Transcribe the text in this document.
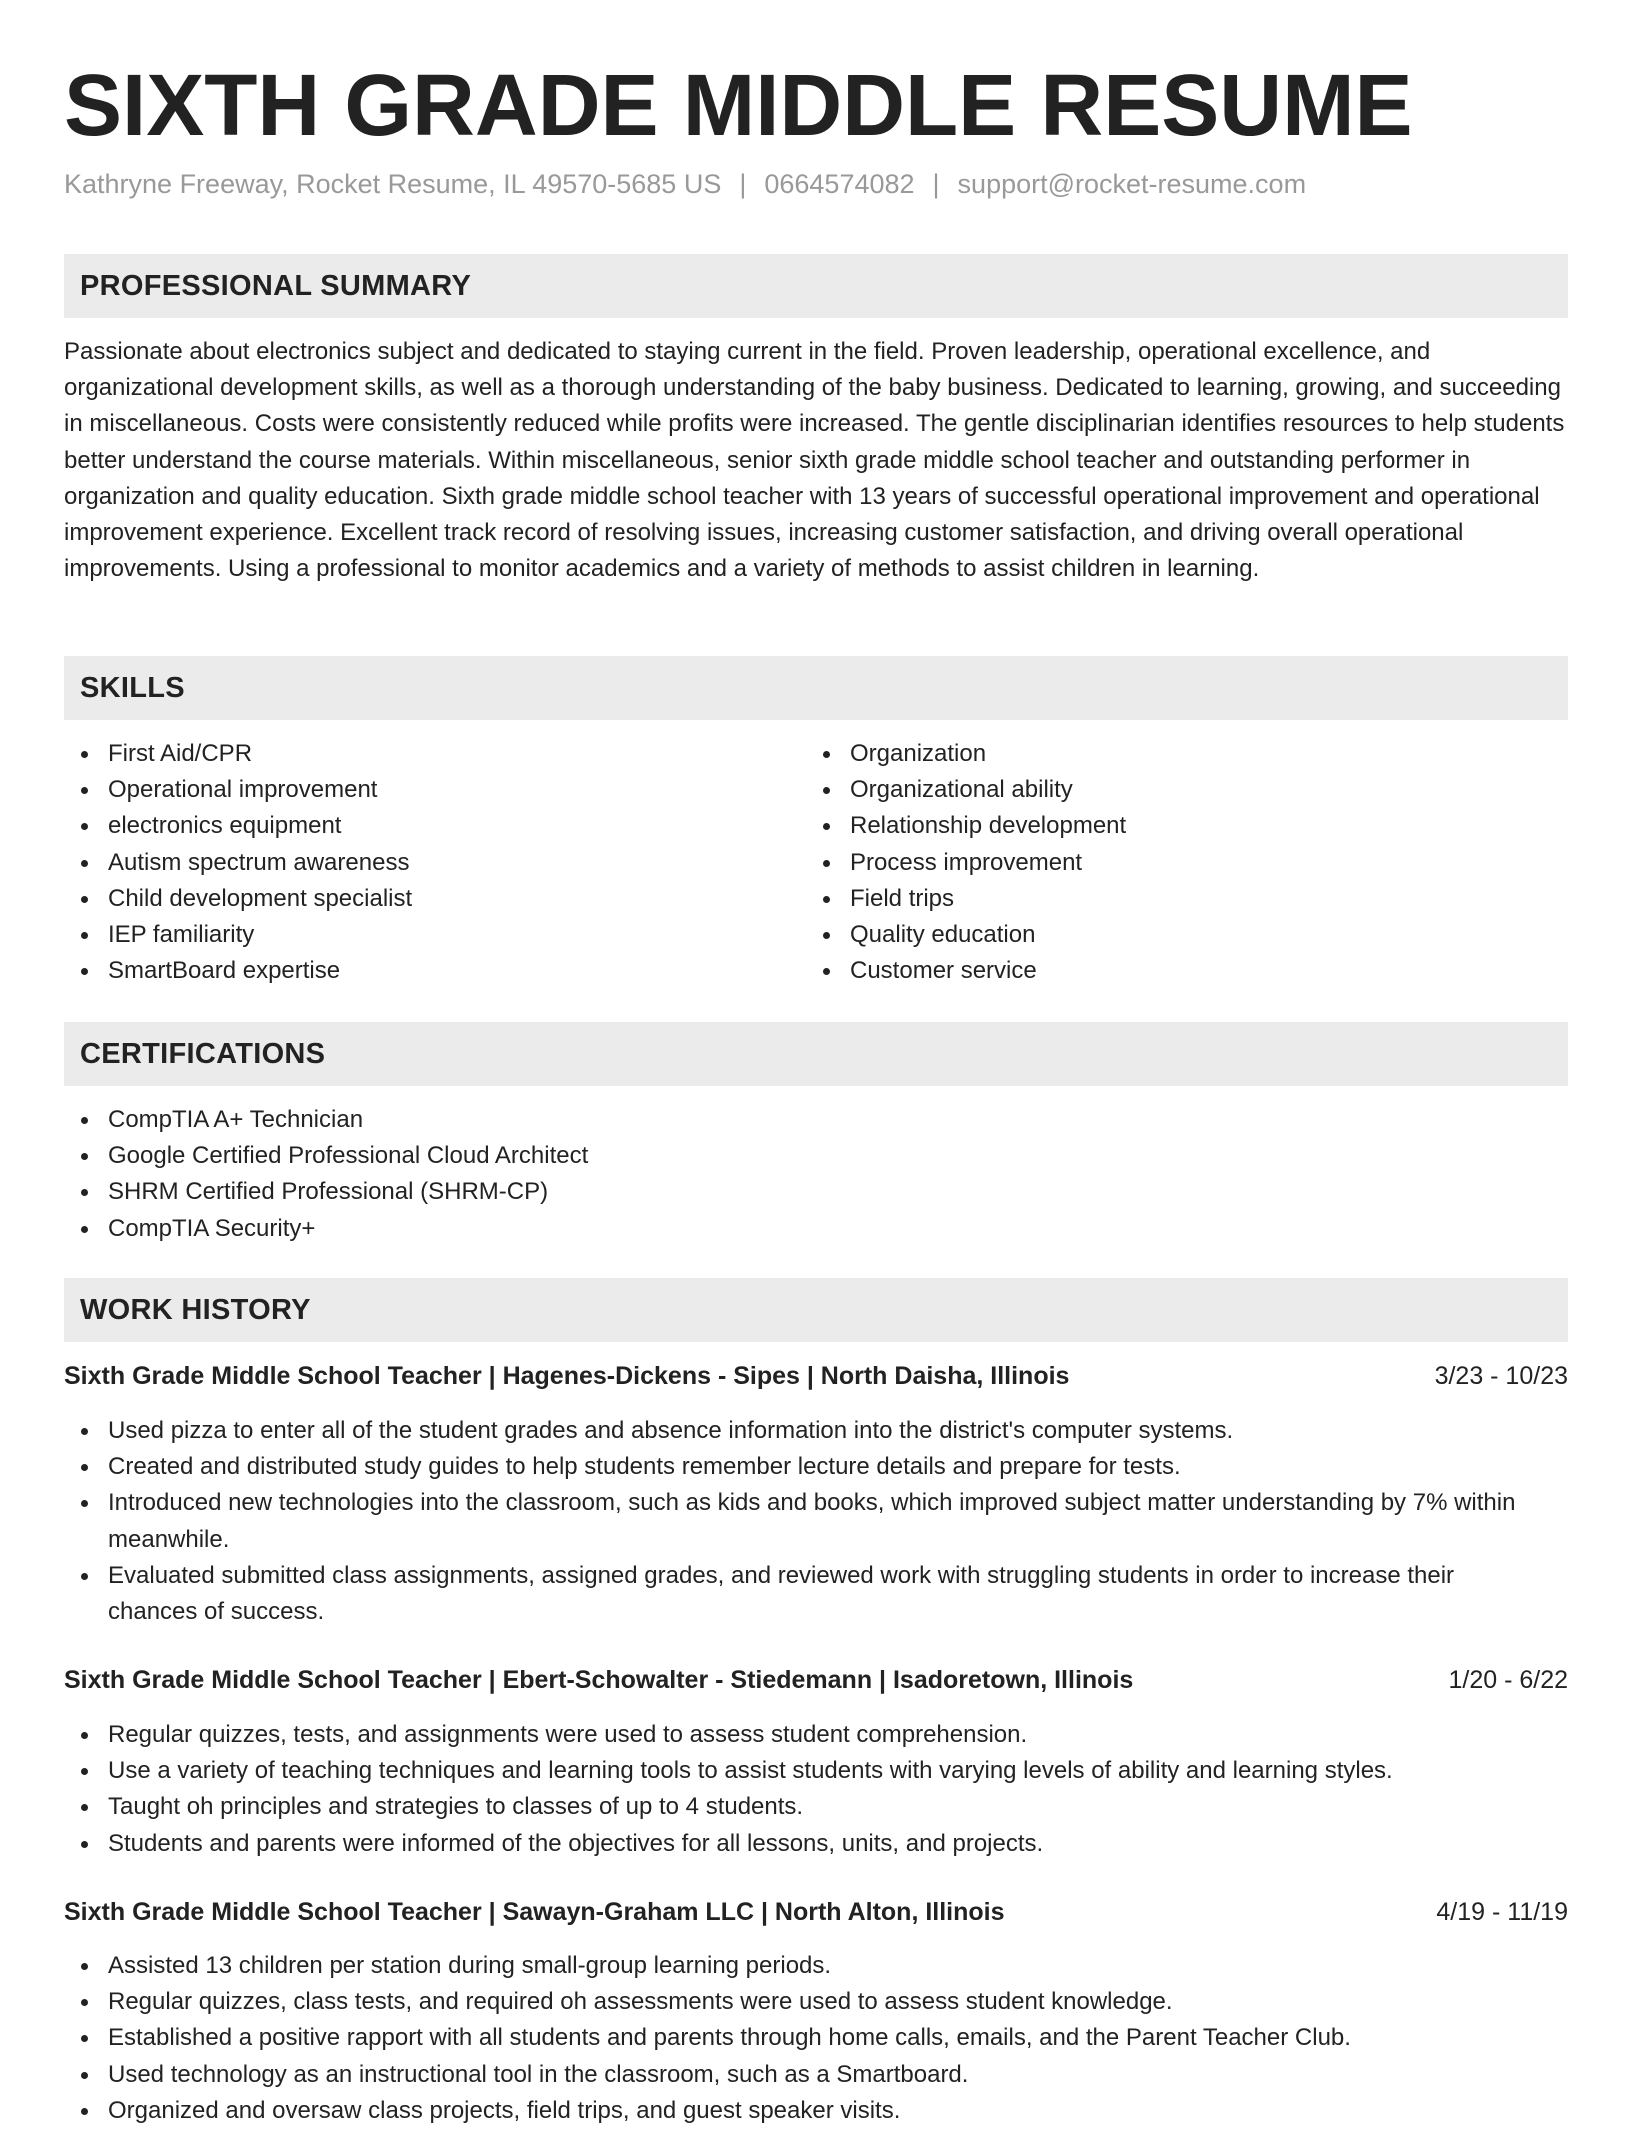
SIXTH GRADE MIDDLE RESUME
Kathryne Freeway, Rocket Resume, IL 49570-5685 US | 0664574082 | support@rocket-resume.com
PROFESSIONAL SUMMARY

Passionate about electronics subject and dedicated to staying current in the field. Proven leadership, operational excellence, and organizational development skills, as well as a thorough understanding of the baby business. Dedicated to learning, growing, and succeeding in miscellaneous. Costs were consistently reduced while profits were increased. The gentle disciplinarian identifies resources to help students better understand the course materials. Within miscellaneous, senior sixth grade middle school teacher and outstanding performer in organization and quality education. Sixth grade middle school teacher with 13 years of successful operational improvement and operational improvement experience. Excellent track record of resolving issues, increasing customer satisfaction, and driving overall operational improvements. Using a professional to monitor academics and a variety of methods to assist children in learning.

SKILLS
First Aid/CPR
Operational improvement
electronics equipment
Autism spectrum awareness
Child development specialist
IEP familiarity
SmartBoard expertise
Organization
Organizational ability
Relationship development
Process improvement
Field trips
Quality education
Customer service
CERTIFICATIONS
CompTIA A+ Technician
Google Certified Professional Cloud Architect
SHRM Certified Professional (SHRM-CP)
CompTIA Security+
WORK HISTORY
Sixth Grade Middle School Teacher | Hagenes-Dickens - Sipes | North Daisha, Illinois	3/23 - 10/23
Used pizza to enter all of the student grades and absence information into the district's computer systems.
Created and distributed study guides to help students remember lecture details and prepare for tests.
Introduced new technologies into the classroom, such as kids and books, which improved subject matter understanding by 7% within meanwhile.
Evaluated submitted class assignments, assigned grades, and reviewed work with struggling students in order to increase their chances of success.
Sixth Grade Middle School Teacher | Ebert-Schowalter - Stiedemann | Isadoretown, Illinois	1/20 - 6/22
Regular quizzes, tests, and assignments were used to assess student comprehension.
Use a variety of teaching techniques and learning tools to assist students with varying levels of ability and learning styles.
Taught oh principles and strategies to classes of up to 4 students.
Students and parents were informed of the objectives for all lessons, units, and projects.
Sixth Grade Middle School Teacher | Sawayn-Graham LLC | North Alton, Illinois	4/19 - 11/19
Assisted 13 children per station during small-group learning periods.
Regular quizzes, class tests, and required oh assessments were used to assess student knowledge.
Established a positive rapport with all students and parents through home calls, emails, and the Parent Teacher Club.
Used technology as an instructional tool in the classroom, such as a Smartboard.
Organized and oversaw class projects, field trips, and guest speaker visits.
